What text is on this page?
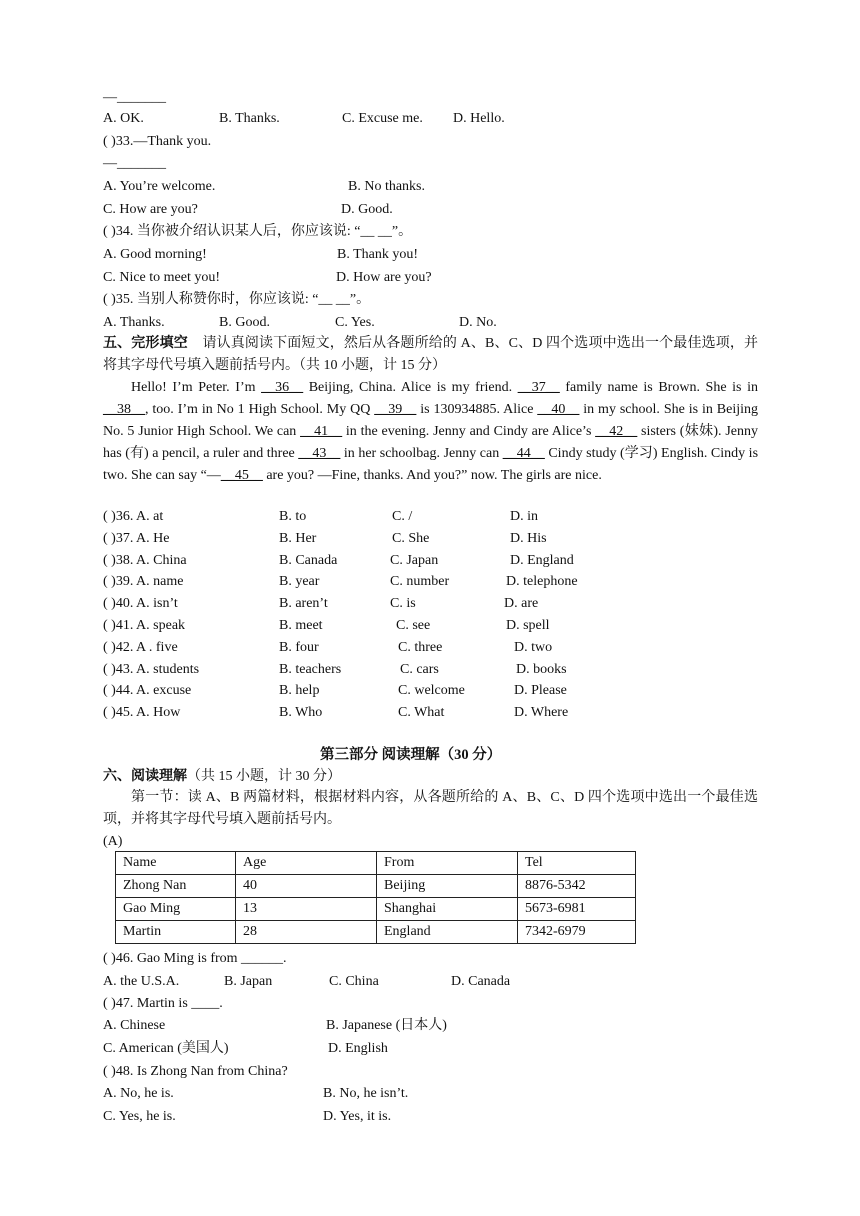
—_______
A. OK.	B. Thanks.	C. Excuse me. D. Hello.
( )33.—Thank you.
—_______
A. You’re welcome.	B. No thanks.
C. How are you?	D. Good.
( )34. 当你被介绍认识某人后，你应该说: “__ __”。
A. Good morning!	B. Thank you!
C. Nice to meet you!	D. How are you?
( )35. 当别人称赞你时，你应该说: “__ __”。
A. Thanks.	B. Good.	C. Yes.	D. No.
五、完形填空 请认真阅读下面短文，然后从各题所给的 A、B、C、D 四个选项中选出一个最佳选项，并将其字母代号填入题前括号内。（共 10 小题，计 15 分）
Hello! I’m Peter. I’m __36__ Beijing, China. Alice is my friend. __37__ family name is Brown. She is in __38__, too. I’m in No 1 High School. My QQ __39__ is 130934885. Alice __40__ in my school. She is in Beijing No. 5 Junior High School. We can __41__ in the evening. Jenny and Cindy are Alice’s __42__ sisters (妹妹). Jenny has (有) a pencil, a ruler and three __43__ in her schoolbag. Jenny can __44__ Cindy study (学习) English. Cindy is two. She can say “—__45__ are you? —Fine, thanks. And you?” now. The girls are nice.
( )36. A. at	B. to	C. /	D. in
( )37. A. He	B. Her	C. She	D. His
( )38. A. China	B. Canada	C. Japan	D. England
( )39. A. name	B. year	C. number	D. telephone
( )40. A. isn’t	B. aren’t	C. is	D. are
( )41. A. speak	B. meet	C. see	D. spell
( )42. A . five	B. four	C. three	D. two
( )43. A. students	B. teachers	C. cars	D. books
( )44. A. excuse	B. help	C. welcome	D. Please
( )45. A. How	B. Who	C. What	D. Where
第三部分 阅读理解（30 分）
六、阅读理解（共 15 小题，计 30 分）
第一节：读 A、B 两篇材料，根据材料内容，从各题所给的 A、B、C、D 四个选项中选出一个最佳选项，并将其字母代号填入题前括号内。
(A)
Name	Age	From	Tel
Zhong Nan	40	Beijing	8876-5342
Gao Ming	13	Shanghai	5673-6981
Martin	28	England	7342-6979
( )46. Gao Ming is from ______.
A. the U.S.A.	B. Japan	C. China	D. Canada
( )47. Martin is ____.
A. Chinese	B. Japanese (日本人)
C. American (美国人)	D. English
( )48. Is Zhong Nan from China?
A. No, he is.	B. No, he isn’t.
C. Yes, he is.	D. Yes, it is.
